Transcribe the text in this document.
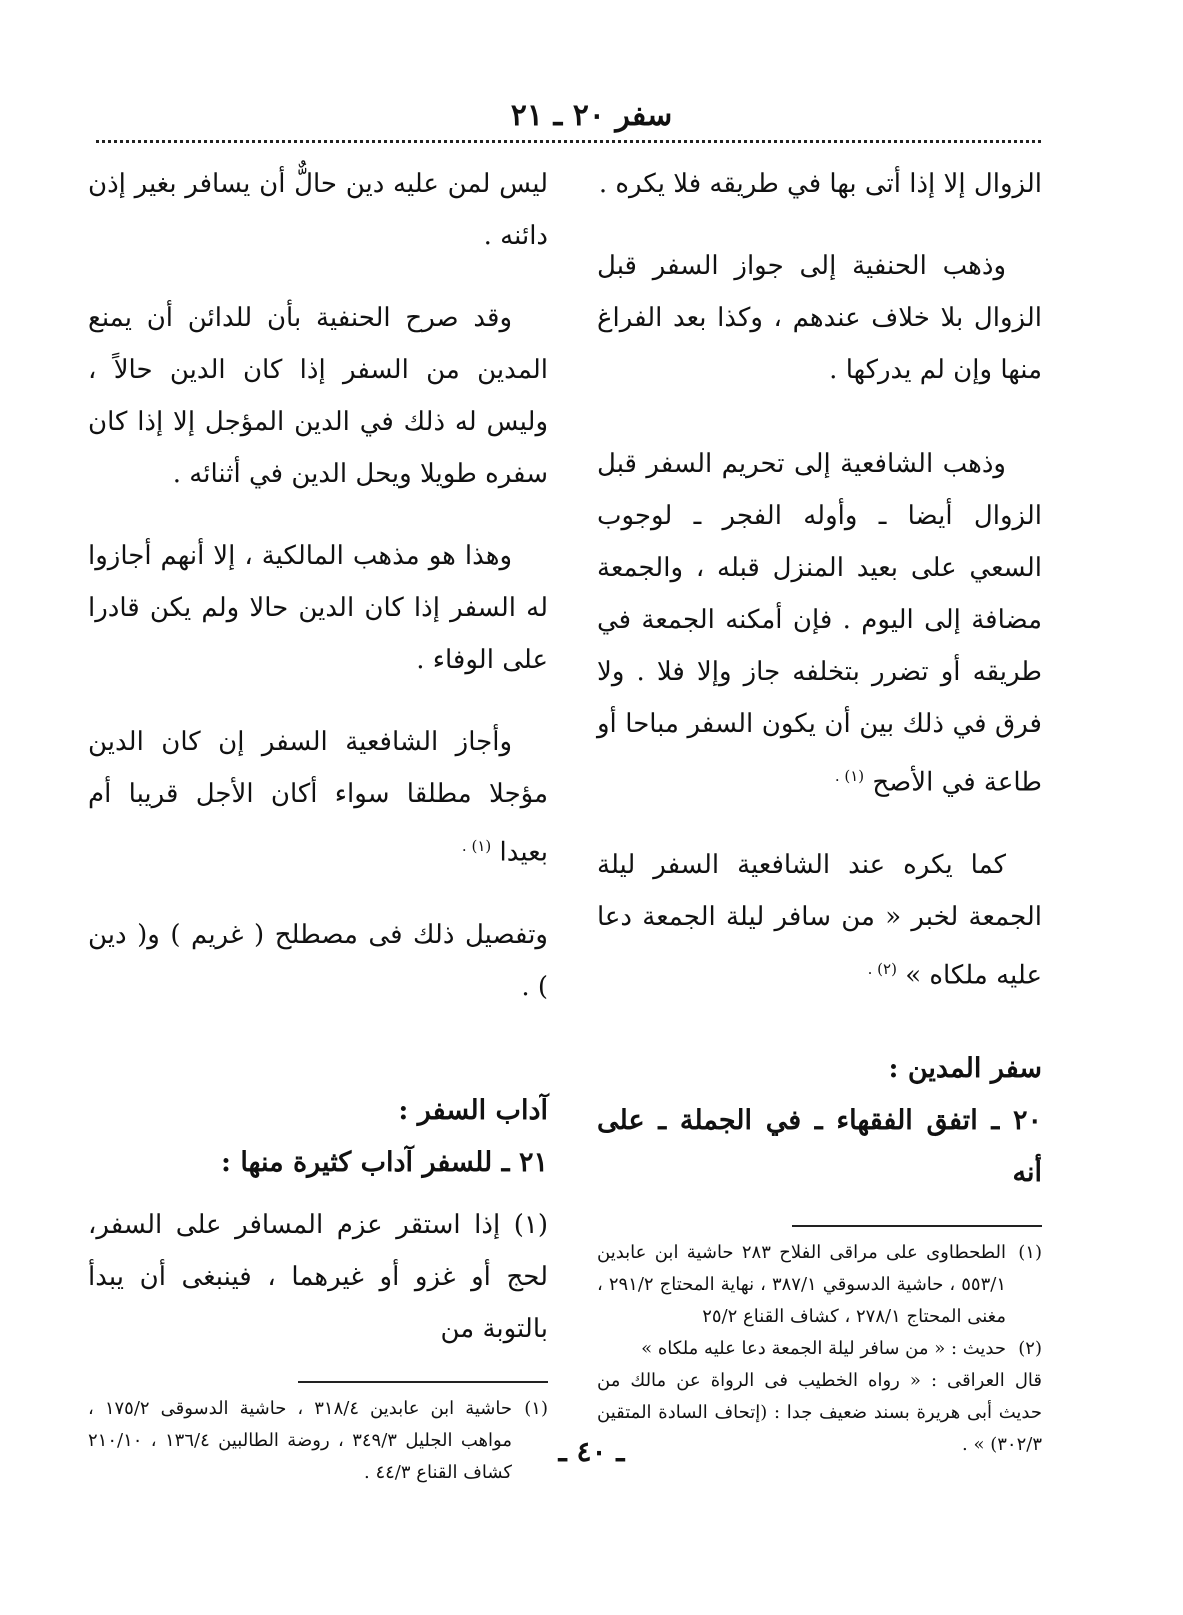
سفر ٢٠ ـ ٢١

الزوال إلا إذا أتى بها في طريقه فلا يكره .

وذهب الحنفية إلى جواز السفر قبل الزوال بلا خلاف عندهم ، وكذا بعد الفراغ منها وإن لم يدركها .

وذهب الشافعية إلى تحريم السفر قبل الزوال أيضا ـ وأوله الفجر ـ لوجوب السعي على بعيد المنزل قبله ، والجمعة مضافة إلى اليوم . فإن أمكنه الجمعة في طريقه أو تضرر بتخلفه جاز وإلا فلا . ولا فرق في ذلك بين أن يكون السفر مباحا أو طاعة في الأصح $^{(١) .}$

كما يكره عند الشافعية السفر ليلة الجمعة لخبر « من سافر ليلة الجمعة دعا عليه ملكاه » $^{(٢) .}$

سفر المدين :

٢٠ ـ اتفق الفقهاء ـ في الجملة ـ على أنه

(١)
الطحطاوى على مراقى الفلاح ٢٨٣ حاشية ابن عابدين ٥٥٣/١ ، حاشية الدسوقي ٣٨٧/١ ، نهاية المحتاج ٢٩١/٢ ، مغنى المحتاج ٢٧٨/١ ، كشاف القناع ٢٥/٢
(٢)
حديث : « من سافر ليلة الجمعة دعا عليه ملكاه »

قال العراقى : « رواه الخطيب فى الرواة عن مالك من حديث أبى هريرة بسند ضعيف جدا : (إتحاف السادة المتقين ٣٠٢/٣) » .

ليس لمن عليه دين حالٌّ أن يسافر بغير إذن دائنه .

وقد صرح الحنفية بأن للدائن أن يمنع المدين من السفر إذا كان الدين حالاً ، وليس له ذلك في الدين المؤجل إلا إذا كان سفره طويلا ويحل الدين في أثنائه .

وهذا هو مذهب المالكية ، إلا أنهم أجازوا له السفر إذا كان الدين حالا ولم يكن قادرا على الوفاء .

وأجاز الشافعية السفر إن كان الدين مؤجلا مطلقا سواء أكان الأجل قريبا أم بعيدا $^{(١) .}$

وتفصيل ذلك فى مصطلح ( غريم ) و( دين ) .

آداب السفر :

٢١ ـ للسفر آداب كثيرة منها :

(١) إذا استقر عزم المسافر على السفر، لحج أو غزو أو غيرهما ، فينبغى أن يبدأ بالتوبة من

(١)
حاشية ابن عابدين ٣١٨/٤ ، حاشية الدسوقى ١٧٥/٢ ، مواهب الجليل ٣٤٩/٣ ، روضة الطالبين ١٣٦/٤ ، ٢١٠/١٠ كشاف القناع ٤٤/٣ .
ـ ٤٠ ـ
